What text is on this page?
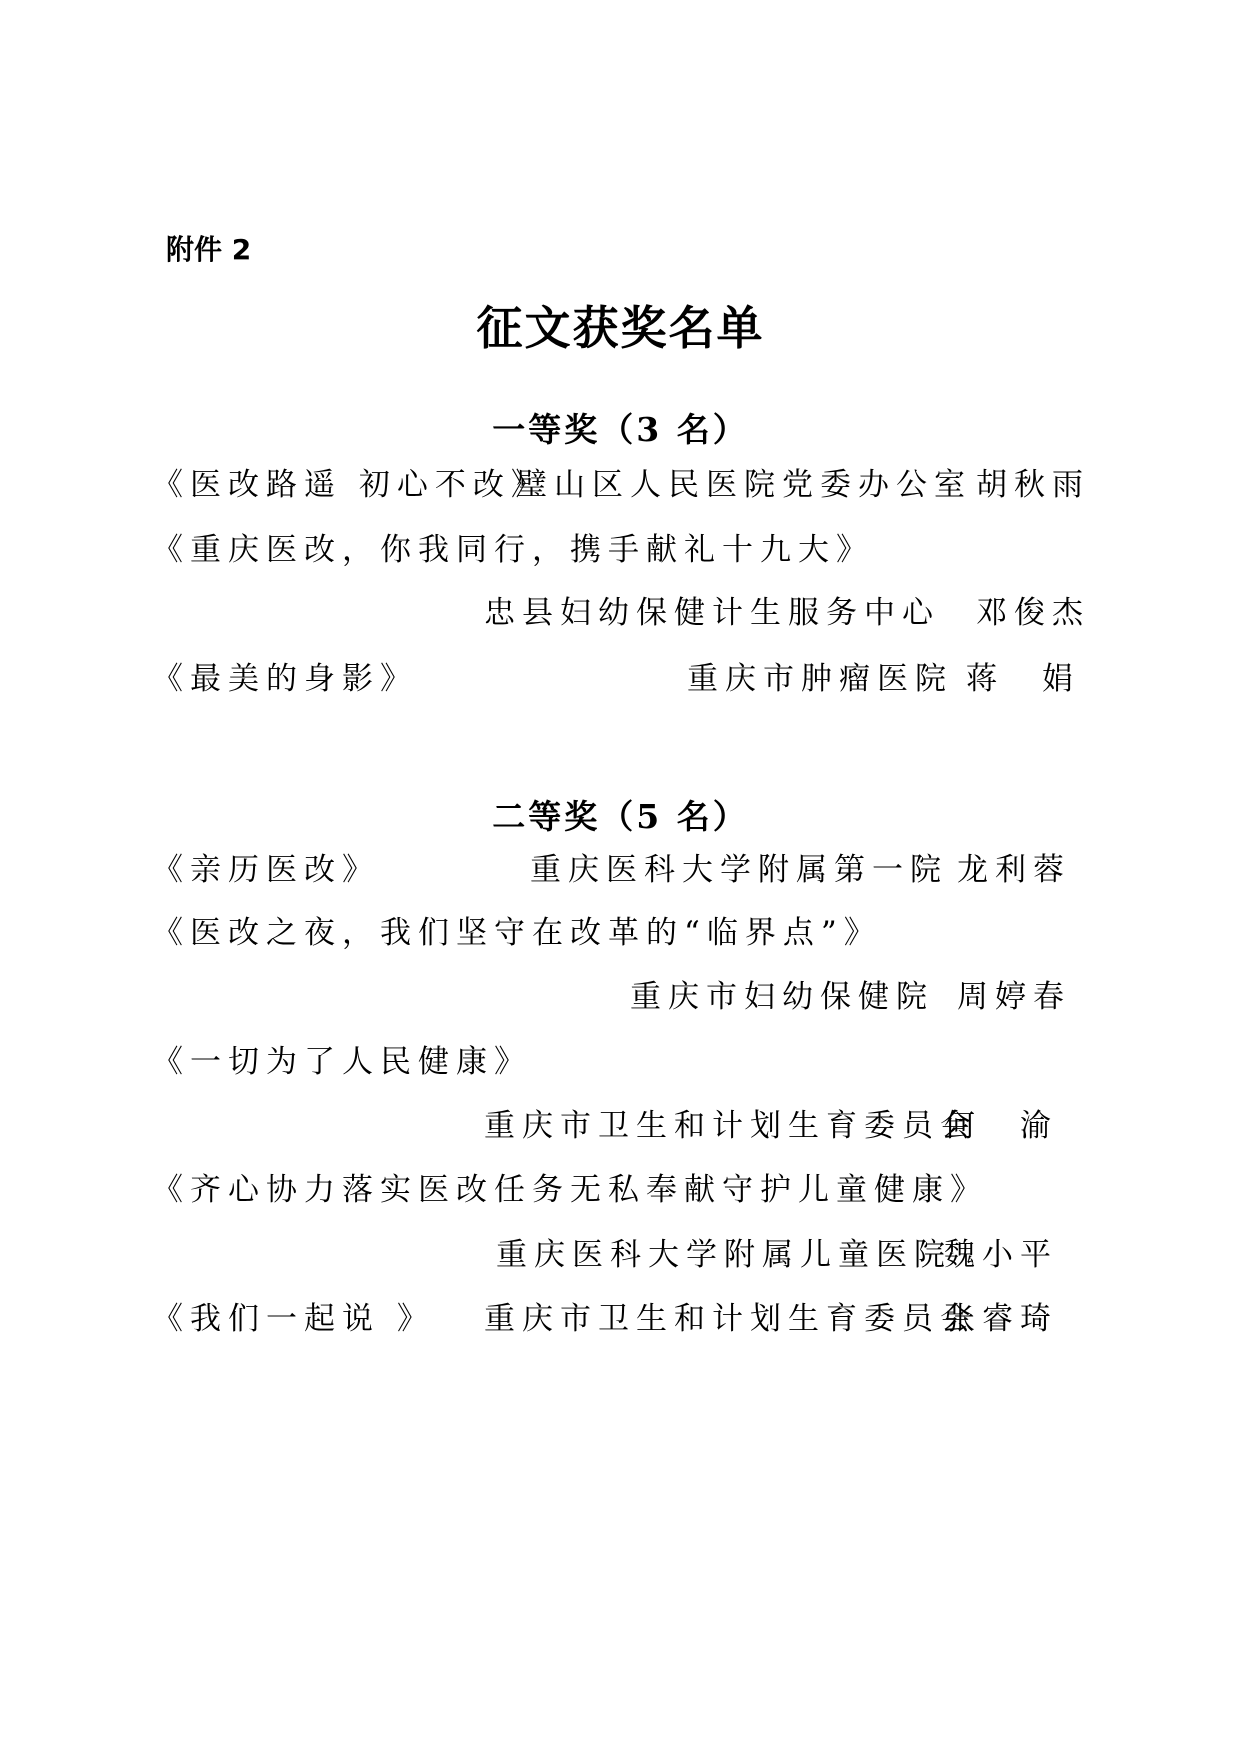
附件 2
征文获奖名单
一等奖（3 名）
《医改路遥 初心不改》
璧山区人民医院党委办公室 胡秋雨
《重庆医改，你我同行，携手献礼十九大》
忠县妇幼保健计生服务中心 邓俊杰
《最美的身影》	重庆市肿瘤医院 蒋　娟
二等奖（5 名）
《亲历医改》	重庆医科大学附属第一院 龙利蓉
《医改之夜，我们坚守在改革的“临界点”》
重庆市妇幼保健院 周婷春
《一切为了人民健康》
重庆市卫生和计划生育委员会
何　渝
《齐心协力落实医改任务无私奉献守护儿童健康》
重庆医科大学附属儿童医院
魏小平
《我们一起说 》 重庆市卫生和计划生育委员会
张睿琦
